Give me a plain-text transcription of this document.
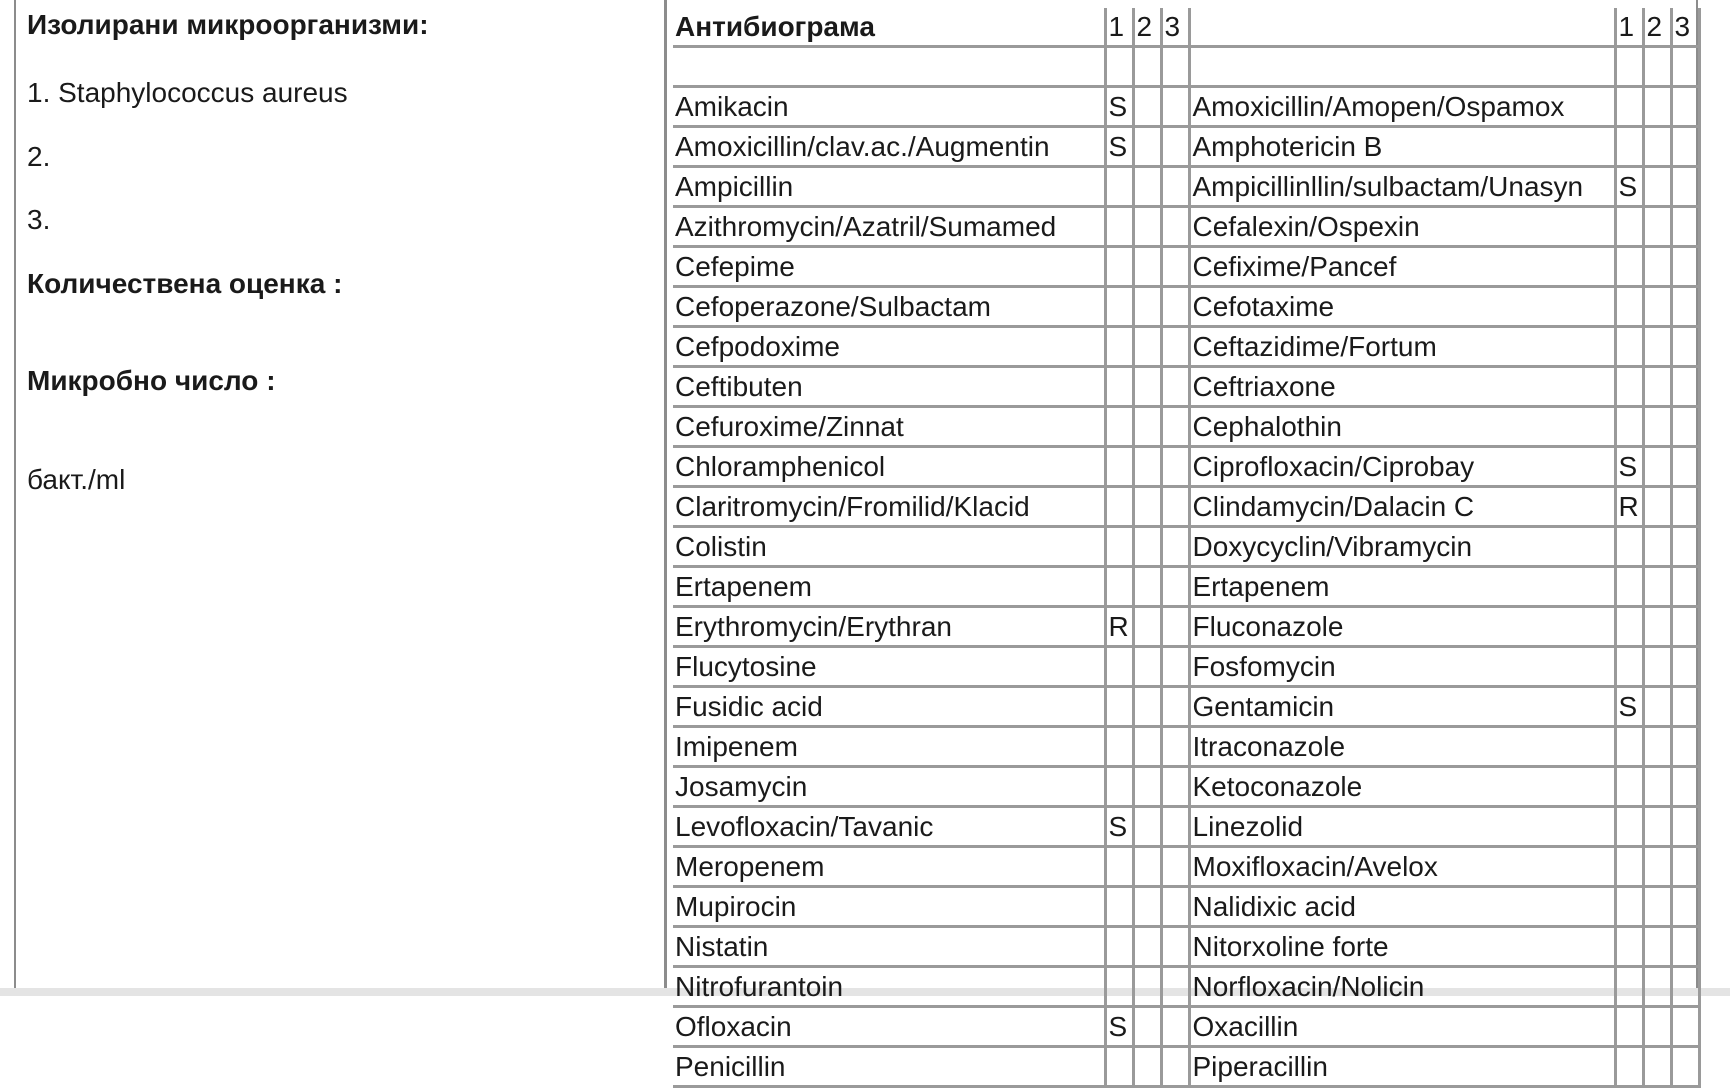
Изолирани микроорганизми:
1. Staphylococcus aureus
2.
3.
Количествена оценка :
Микробно число :
бакт./ml
Антибиограма	1	2	3		1	2	3

Amikacin	S			Amoxicillin/Amopen/Ospamox			
Amoxicillin/clav.ac./Augmentin	S			Amphotericin B			
Ampicillin				Ampicillinllin/sulbactam/Unasyn	S		
Azithromycin/Azatril/Sumamed				Cefalexin/Ospexin			
Cefepime				Cefixime/Pancef			
Cefoperazone/Sulbactam				Cefotaxime			
Cefpodoxime				Ceftazidime/Fortum			
Ceftibuten				Ceftriaxone			
Cefuroxime/Zinnat				Cephalothin			
Chloramphenicol				Ciprofloxacin/Ciprobay	S		
Claritromycin/Fromilid/Klacid				Clindamycin/Dalacin C	R		
Colistin				Doxycyclin/Vibramycin			
Ertapenem				Ertapenem			
Erythromycin/Erythran	R			Fluconazole			
Flucytosine				Fosfomycin			
Fusidic acid				Gentamicin	S		
Imipenem				Itraconazole			
Josamycin				Ketoconazole			
Levofloxacin/Tavanic	S			Linezolid			
Meropenem				Moxifloxacin/Avelox			
Mupirocin				Nalidixic acid			
Nistatin				Nitorxoline forte			
Nitrofurantoin				Norfloxacin/Nolicin			
Ofloxacin	S			Oxacillin			
Penicillin				Piperacillin			
